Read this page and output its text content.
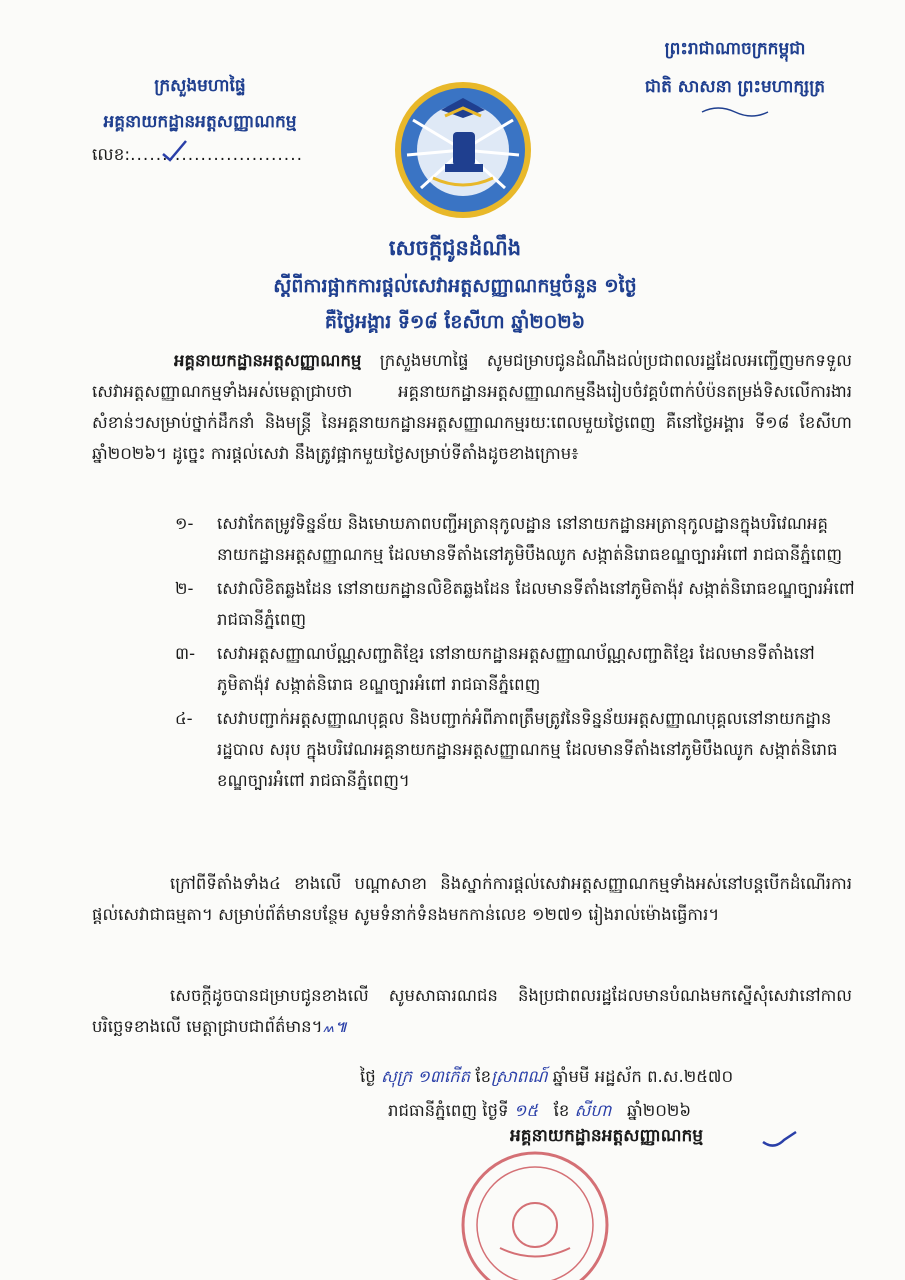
ក្រសួងមហាផ្ទៃ
អគ្គនាយកដ្ឋានអត្តសញ្ញាណកម្ម
លេខ:...........................
ព្រះរាជាណាចក្រកម្ពុជា
ជាតិ សាសនា ព្រះមហាក្សត្រ
សេចក្ដីជូនដំណឹង
ស្ដីពីការផ្អាកការផ្ដល់សេវាអត្តសញ្ញាណកម្មចំនួន ១ថ្ងៃ
គឺថ្ងៃអង្គារ ទី១៨ ខែសីហា ឆ្នាំ២០២៦
អគ្គនាយកដ្ឋានអត្តសញ្ញាណកម្ម ក្រសួងមហាផ្ទៃ សូមជម្រាបជូនដំណឹងដល់ប្រជាពលរដ្ឋដែលអញ្ជើញមកទទួលសេវាអត្តសញ្ញាណកម្មទាំងអស់មេត្តាជ្រាបថា អគ្គនាយកដ្ឋានអត្តសញ្ញាណកម្មនឹងរៀបចំវគ្គបំពាក់បំប៉នតម្រង់ទិសលើការងារសំខាន់ៗសម្រាប់ថ្នាក់ដឹកនាំ និងមន្ត្រី នៃអគ្គនាយកដ្ឋានអត្តសញ្ញាណកម្មរយៈពេលមួយថ្ងៃពេញ គឺនៅថ្ងៃអង្គារ ទី១៨ ខែសីហា ឆ្នាំ២០២៦។ ដូច្នេះ ការផ្ដល់សេវា នឹងត្រូវផ្អាកមួយថ្ងៃសម្រាប់ទីតាំងដូចខាងក្រោម៖
១- សេវាកែតម្រូវទិន្នន័យ និងមោឃភាពបញ្ជីអត្រានុកូលដ្ឋាន នៅនាយកដ្ឋានអត្រានុកូលដ្ឋានក្នុងបរិវេណអគ្គនាយកដ្ឋានអត្តសញ្ញាណកម្ម ដែលមានទីតាំងនៅភូមិបឹងឈូក សង្កាត់និរោធខណ្ឌច្បារអំពៅ រាជធានីភ្នំពេញ
២- សេវាលិខិតឆ្លងដែន នៅនាយកដ្ឋានលិខិតឆ្លងដែន ដែលមានទីតាំងនៅភូមិតាង៉ុវ សង្កាត់និរោធខណ្ឌច្បារអំពៅ រាជធានីភ្នំពេញ
៣- សេវាអត្តសញ្ញាណប័ណ្ណសញ្ជាតិខ្មែរ នៅនាយកដ្ឋានអត្តសញ្ញាណប័ណ្ណសញ្ជាតិខ្មែរ ដែលមានទីតាំងនៅភូមិតាង៉ុវ សង្កាត់និរោធ ខណ្ឌច្បារអំពៅ រាជធានីភ្នំពេញ
៤- សេវាបញ្ជាក់អត្តសញ្ញាណបុគ្គល និងបញ្ជាក់អំពីភាពត្រឹមត្រូវនៃទិន្នន័យអត្តសញ្ញាណបុគ្គលនៅនាយកដ្ឋានរដ្ឋបាល សរុប ក្នុងបរិវេណអគ្គនាយកដ្ឋានអត្តសញ្ញាណកម្ម ដែលមានទីតាំងនៅភូមិបឹងឈូក សង្កាត់និរោធ ខណ្ឌច្បារអំពៅ រាជធានីភ្នំពេញ។
ក្រៅពីទីតាំងទាំង៤ ខាងលើ បណ្ដាសាខា និងស្នាក់ការផ្ដល់សេវាអត្តសញ្ញាណកម្មទាំងអស់នៅបន្តបើកដំណើរការផ្ដល់សេវាជាធម្មតា។ សម្រាប់ព័ត៌មានបន្ថែម សូមទំនាក់ទំនងមកកាន់លេខ ១២៧១ រៀងរាល់ម៉ោងធ្វើការ។
សេចក្ដីដូចបានជម្រាបជូនខាងលើ សូមសាធារណជន និងប្រជាពលរដ្ឋដែលមានបំណងមកស្នើសុំសេវានៅកាលបរិច្ឆេទខាងលើ មេត្តាជ្រាបជាព័ត៌មាន។៳៕
ថ្ងៃ សុក្រ ១៣កើត ខែស្រាពណ៍ ឆ្នាំមមី អដ្ឋស័ក ព.ស.២៥៧០
រាជធានីភ្នំពេញ ថ្ងៃទី ១៥ ខែ សីហា ឆ្នាំ២០២៦
អគ្គនាយកដ្ឋានអត្តសញ្ញាណកម្ម
